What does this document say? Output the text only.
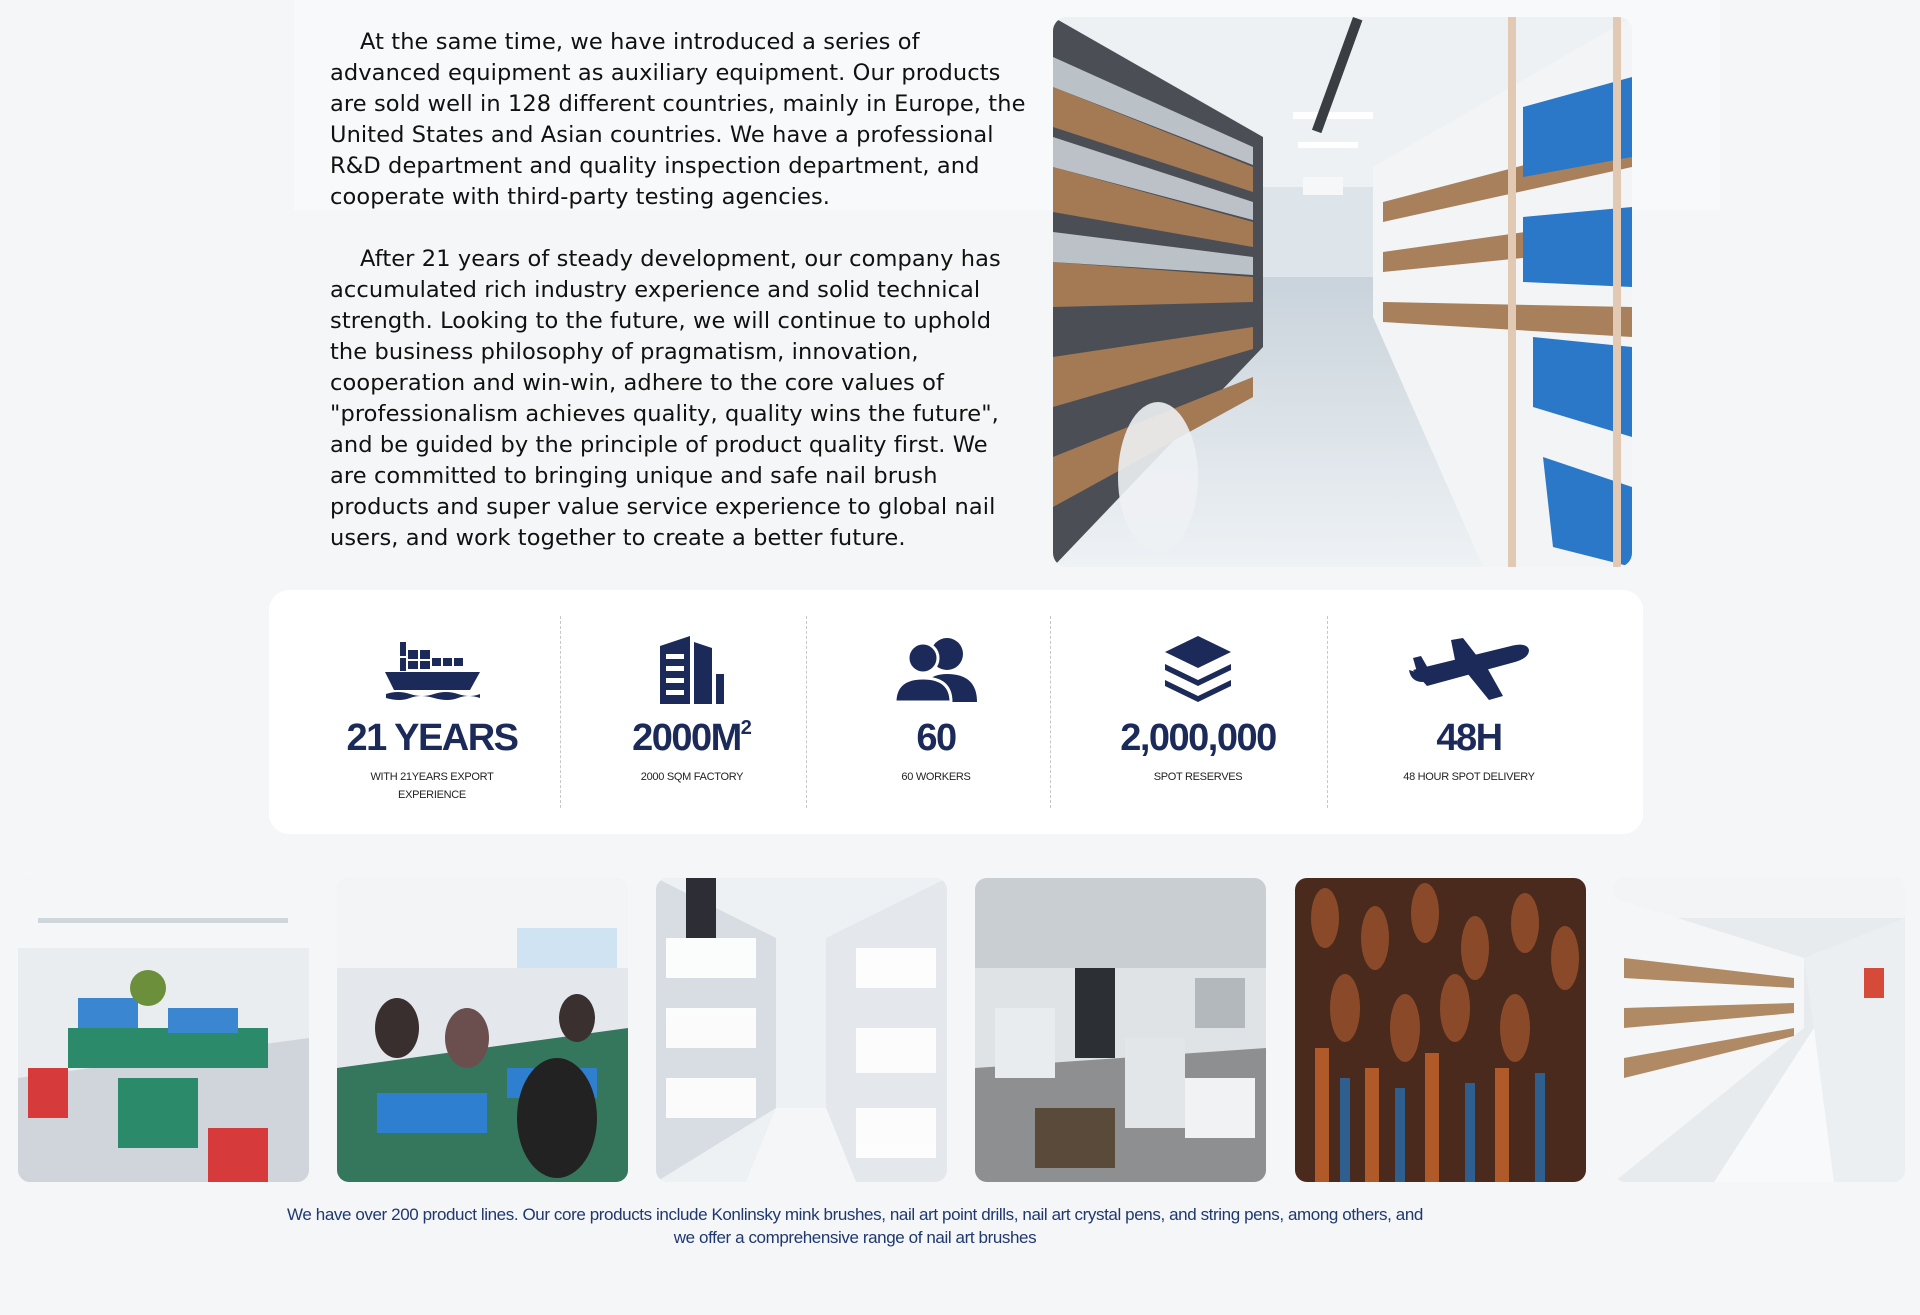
At the same time, we have introduced a series of advanced equipment as auxiliary equipment. Our products are sold well in 128 different countries, mainly in Europe, the United States and Asian countries. We have a professional R&D department and quality inspection department, and cooperate with third-party testing agencies.

After 21 years of steady development, our company has accumulated rich industry experience and solid technical strength. Looking to the future, we will continue to uphold the business philosophy of pragmatism, innovation, cooperation and win-win, adhere to the core values of "professionalism achieves quality, quality wins the future", and be guided by the principle of product quality first. We are committed to bringing unique and safe nail brush products and super value service experience to global nail users, and work together to create a better future.

21 YEARS
WITH 21YEARS EXPORT EXPERIENCE
$2000M^2$
2000 SQM FACTORY
60
60 WORKERS
2,000,000
SPOT RESERVES
48H
48 HOUR SPOT DELIVERY
We have over 200 product lines. Our core products include Konlinsky mink brushes, nail art point drills, nail art crystal pens, and string pens, among others, and we offer a comprehensive range of nail art brushes
